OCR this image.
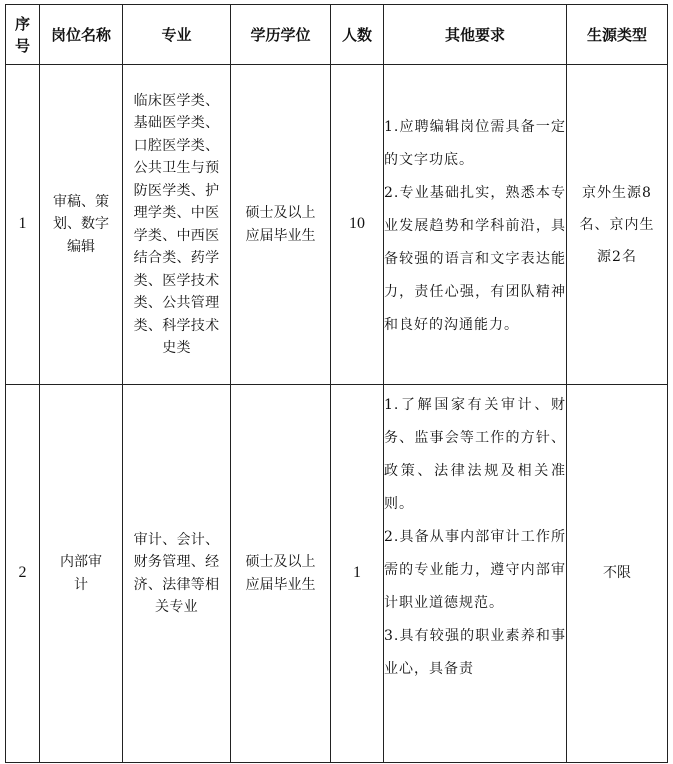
序号	岗位名称	专业	学历学位	人数	其他要求	生源类型

1	审稿、策划、数字编辑	临床医学类、基础医学类、口腔医学类、公共卫生与预防医学类、护理学类、中医学类、中西医结合类、药学类、医学技术类、公共管理类、科学技术史类	硕士及以上应届毕业生	10	1.应聘编辑岗位需具备一定的文字功底。

2.专业基础扎实，熟悉本专业发展趋势和学科前沿，具备较强的语言和文字表达能力，责任心强，有团队精神和良好的沟通能力。	京外生源8名、京内生源2名

2	内部审计	审计、会计、财务管理、经济、法律等相关专业	硕士及以上应届毕业生	1	1.了解国家有关审计、财务、监事会等工作的方针、政策、法律法规及相关准则。

2.具备从事内部审计工作所需的专业能力，遵守内部审计职业道德规范。

3.具有较强的职业素养和事业心，具备责	不限
